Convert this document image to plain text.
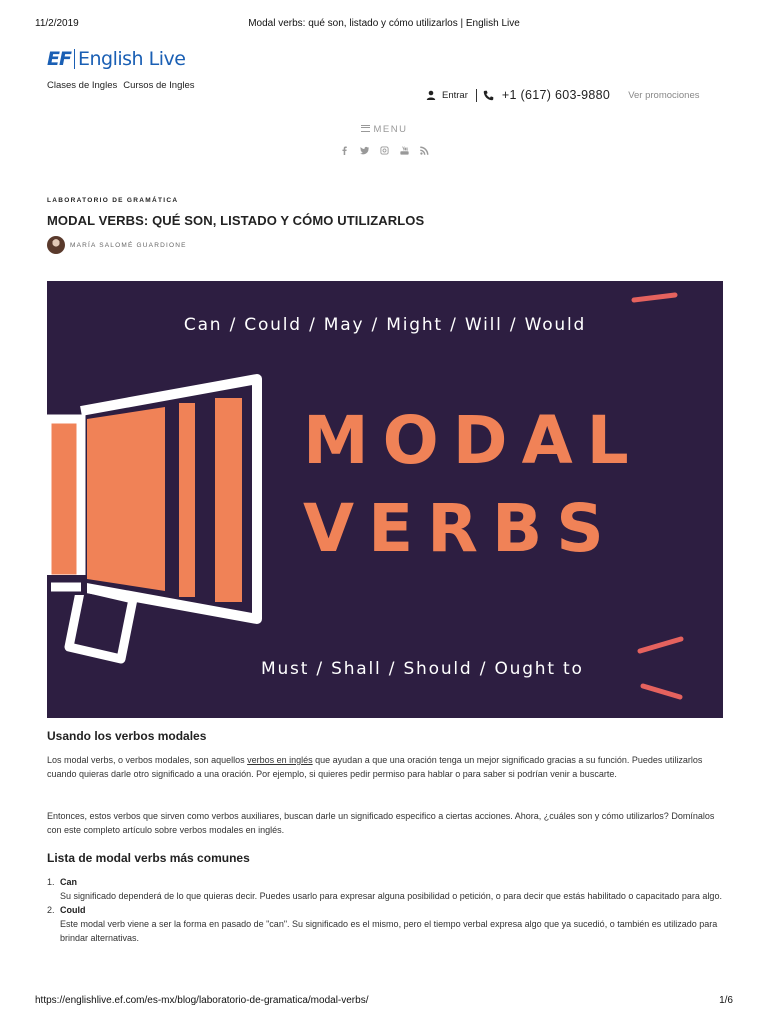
11/2/2019	Modal verbs: qué son, listado y cómo utilizarlos | English Live
EF English Live
Clases de Ingles Cursos de Ingles
Entrar	+1 (617) 603-9880 Ver promociones
MENU
LABORATORIO DE GRAMÁTICA
MODAL VERBS: QUÉ SON, LISTADO Y CÓMO UTILIZARLOS
MARÍA SALOMÉ GUARDIONE
Can / Could / May / Might / Will / Would
MODAL
VERBS
Must / Shall / Should / Ought to
Usando los verbos modales

Los modal verbs, o verbos modales, son aquellos verbos en inglés que ayudan a que una oración tenga un mejor significado gracias a su función. Puedes utilizarlos cuando quieras darle otro significado a una oración. Por ejemplo, si quieres pedir permiso para hablar o para saber si podrían venir a buscarte.

Entonces, estos verbos que sirven como verbos auxiliares, buscan darle un significado especifico a ciertas acciones. Ahora, ¿cuáles son y cómo utilizarlos? Domínalos con este completo artículo sobre verbos modales en inglés.

Lista de modal verbs más comunes
1. Can
Su significado dependerá de lo que quieras decir. Puedes usarlo para expresar alguna posibilidad o petición, o para decir que estás habilitado o capacitado para algo.
2. Could
Este modal verb viene a ser la forma en pasado de "can". Su significado es el mismo, pero el tiempo verbal expresa algo que ya sucedió, o también es utilizado para brindar alternativas.
https://englishlive.ef.com/es-mx/blog/laboratorio-de-gramatica/modal-verbs/	1/6
